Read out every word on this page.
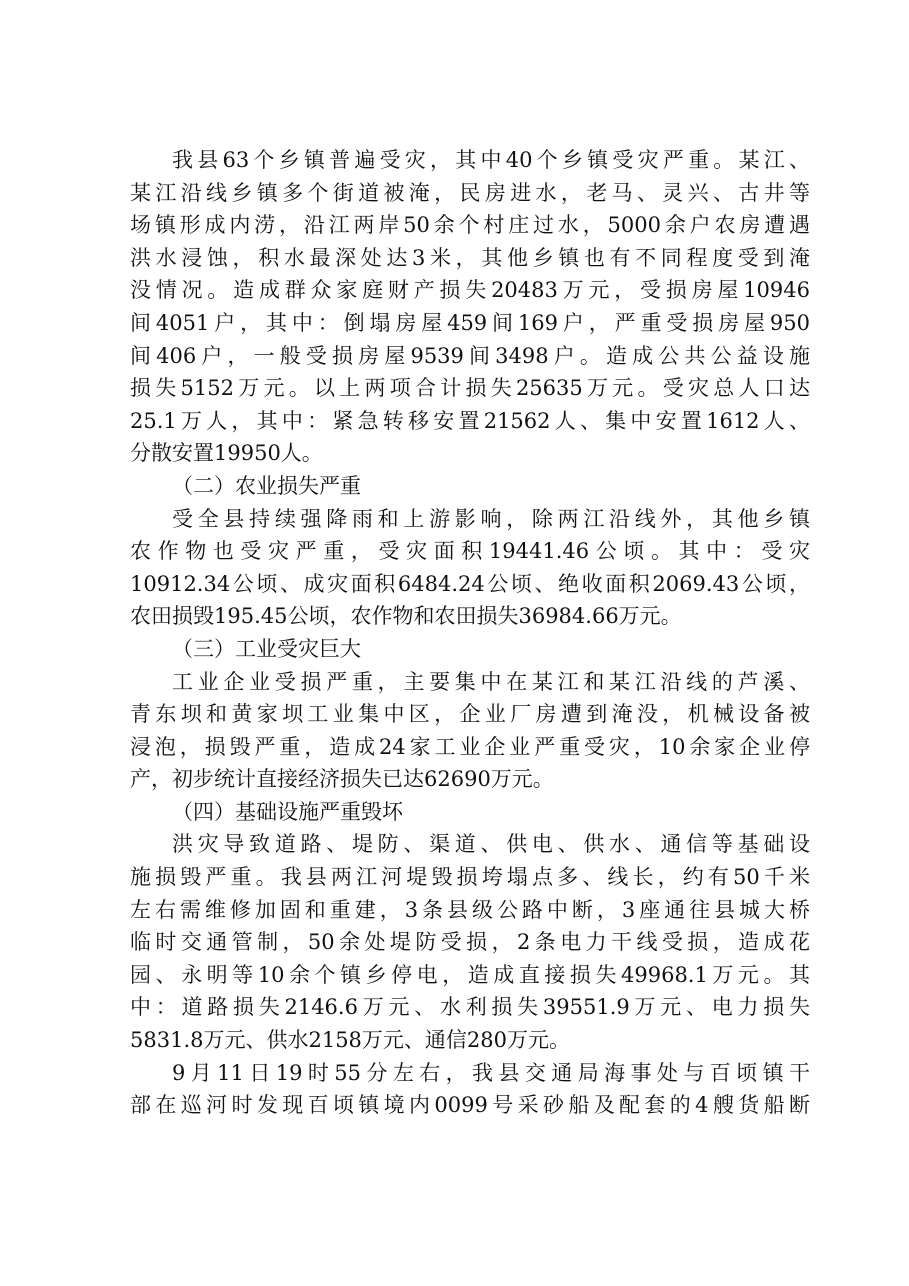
我县63个乡镇普遍受灾，其中40个乡镇受灾严重。某江、
某江沿线乡镇多个街道被淹，民房进水，老马、灵兴、古井等
场镇形成内涝，沿江两岸50余个村庄过水，5000余户农房遭遇
洪水浸蚀，积水最深处达3米，其他乡镇也有不同程度受到淹
没情况。造成群众家庭财产损失20483万元，受损房屋10946
间4051户，其中：倒塌房屋459间169户，严重受损房屋950
间406户，一般受损房屋9539间3498户。造成公共公益设施
损失5152万元。以上两项合计损失25635万元。受灾总人口达
25.1万人，其中：紧急转移安置21562人、集中安置1612人、
分散安置19950人。
（二）农业损失严重
受全县持续强降雨和上游影响，除两江沿线外，其他乡镇
农作物也受灾严重，受灾面积19441.46公顷。其中：受灾
10912.34公顷、成灾面积6484.24公顷、绝收面积2069.43公顷，
农田损毁195.45公顷，农作物和农田损失36984.66万元。
（三）工业受灾巨大
工业企业受损严重，主要集中在某江和某江沿线的芦溪、
青东坝和黄家坝工业集中区，企业厂房遭到淹没，机械设备被
浸泡，损毁严重，造成24家工业企业严重受灾，10余家企业停
产，初步统计直接经济损失已达62690万元。
（四）基础设施严重毁坏
洪灾导致道路、堤防、渠道、供电、供水、通信等基础设
施损毁严重。我县两江河堤毁损垮塌点多、线长，约有50千米
左右需维修加固和重建，3条县级公路中断，3座通往县城大桥
临时交通管制，50余处堤防受损，2条电力干线受损，造成花
园、永明等10余个镇乡停电，造成直接损失49968.1万元。其
中：道路损失2146.6万元、水利损失39551.9万元、电力损失
5831.8万元、供水2158万元、通信280万元。
9月11日19时55分左右，我县交通局海事处与百顷镇干
部在巡河时发现百顷镇境内0099号采砂船及配套的4艘货船断
